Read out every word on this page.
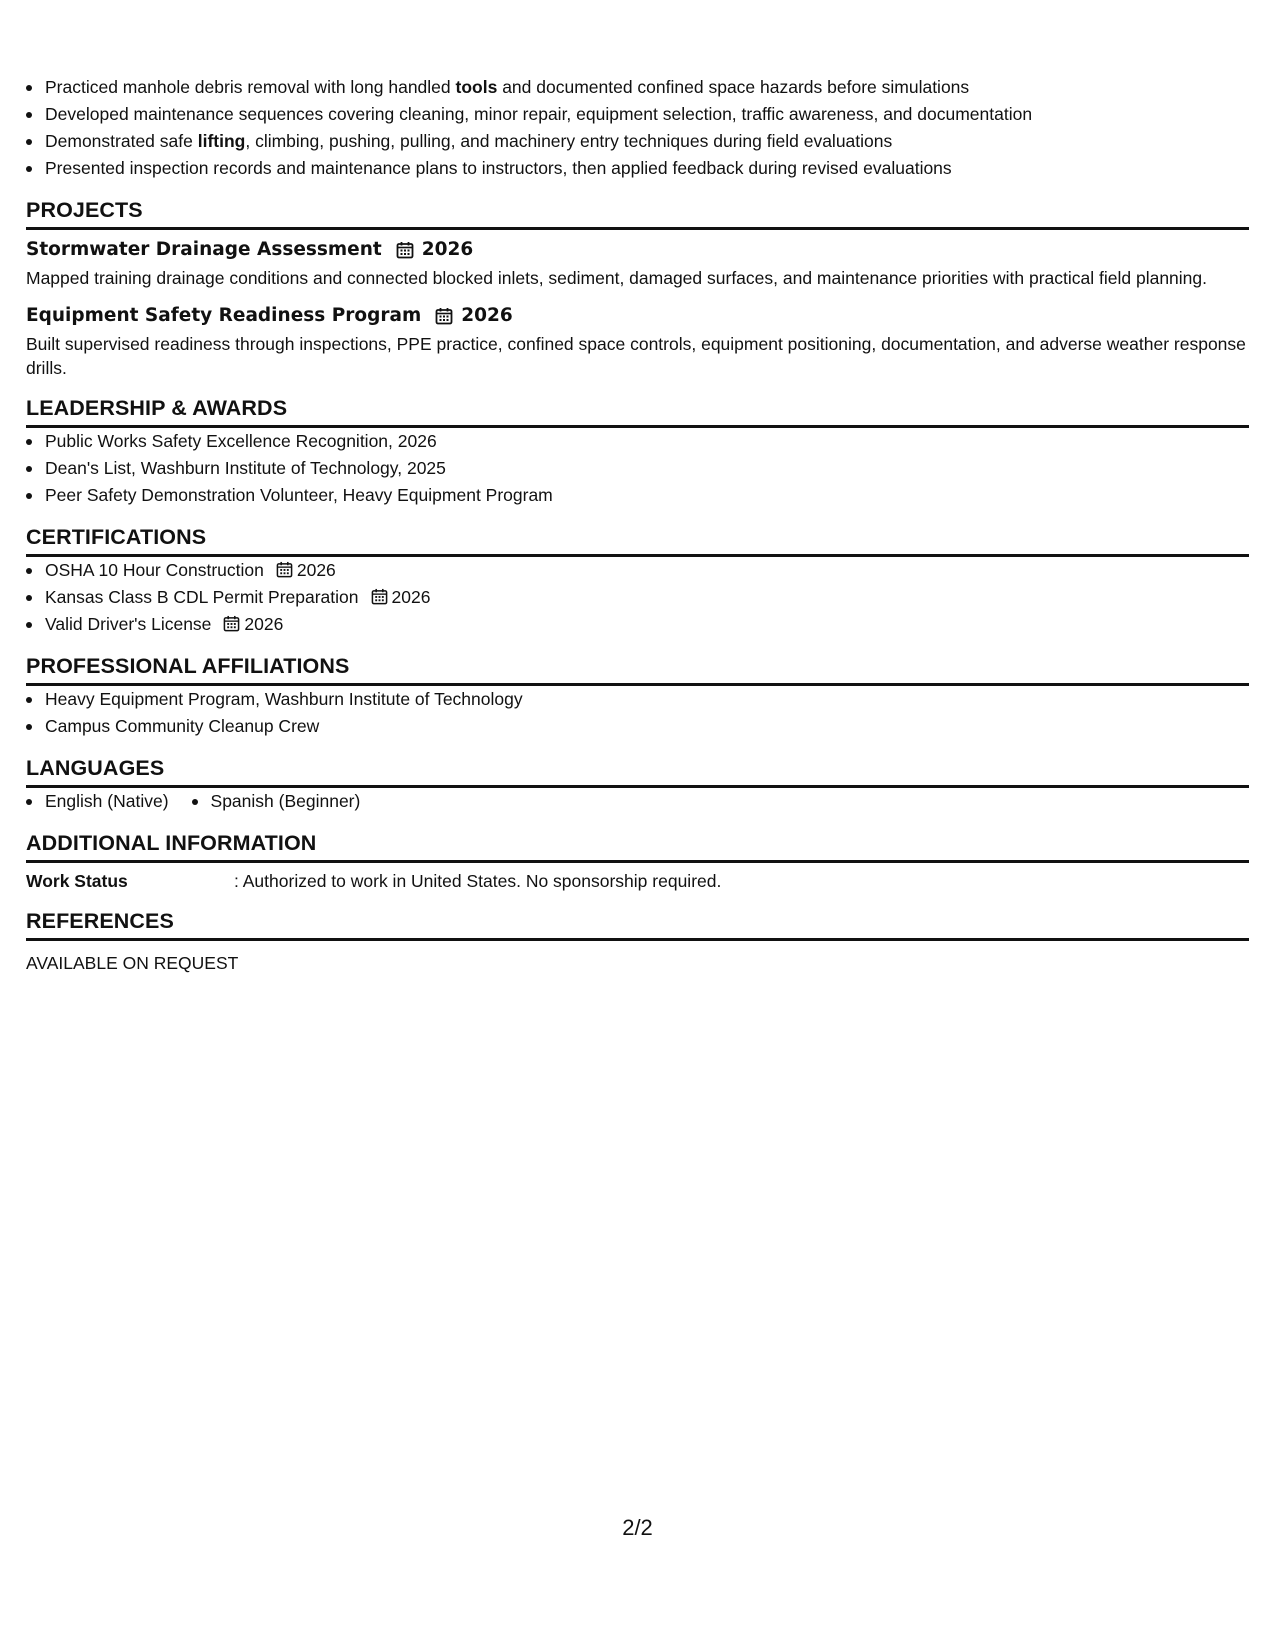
Practiced manhole debris removal with long handled tools and documented confined space hazards before simulations
Developed maintenance sequences covering cleaning, minor repair, equipment selection, traffic awareness, and documentation
Demonstrated safe lifting, climbing, pushing, pulling, and machinery entry techniques during field evaluations
Presented inspection records and maintenance plans to instructors, then applied feedback during revised evaluations
PROJECTS
Stormwater Drainage Assessment 2026
Mapped training drainage conditions and connected blocked inlets, sediment, damaged surfaces, and maintenance priorities with practical field planning.
Equipment Safety Readiness Program 2026
Built supervised readiness through inspections, PPE practice, confined space controls, equipment positioning, documentation, and adverse weather response drills.
LEADERSHIP & AWARDS
Public Works Safety Excellence Recognition, 2026
Dean's List, Washburn Institute of Technology, 2025
Peer Safety Demonstration Volunteer, Heavy Equipment Program
CERTIFICATIONS
OSHA 10 Hour Construction 2026
Kansas Class B CDL Permit Preparation 2026
Valid Driver's License 2026
PROFESSIONAL AFFILIATIONS
Heavy Equipment Program, Washburn Institute of Technology
Campus Community Cleanup Crew
LANGUAGES
English (Native)	Spanish (Beginner)
ADDITIONAL INFORMATION
Work Status	: Authorized to work in United States. No sponsorship required.
REFERENCES
AVAILABLE ON REQUEST
2/2
